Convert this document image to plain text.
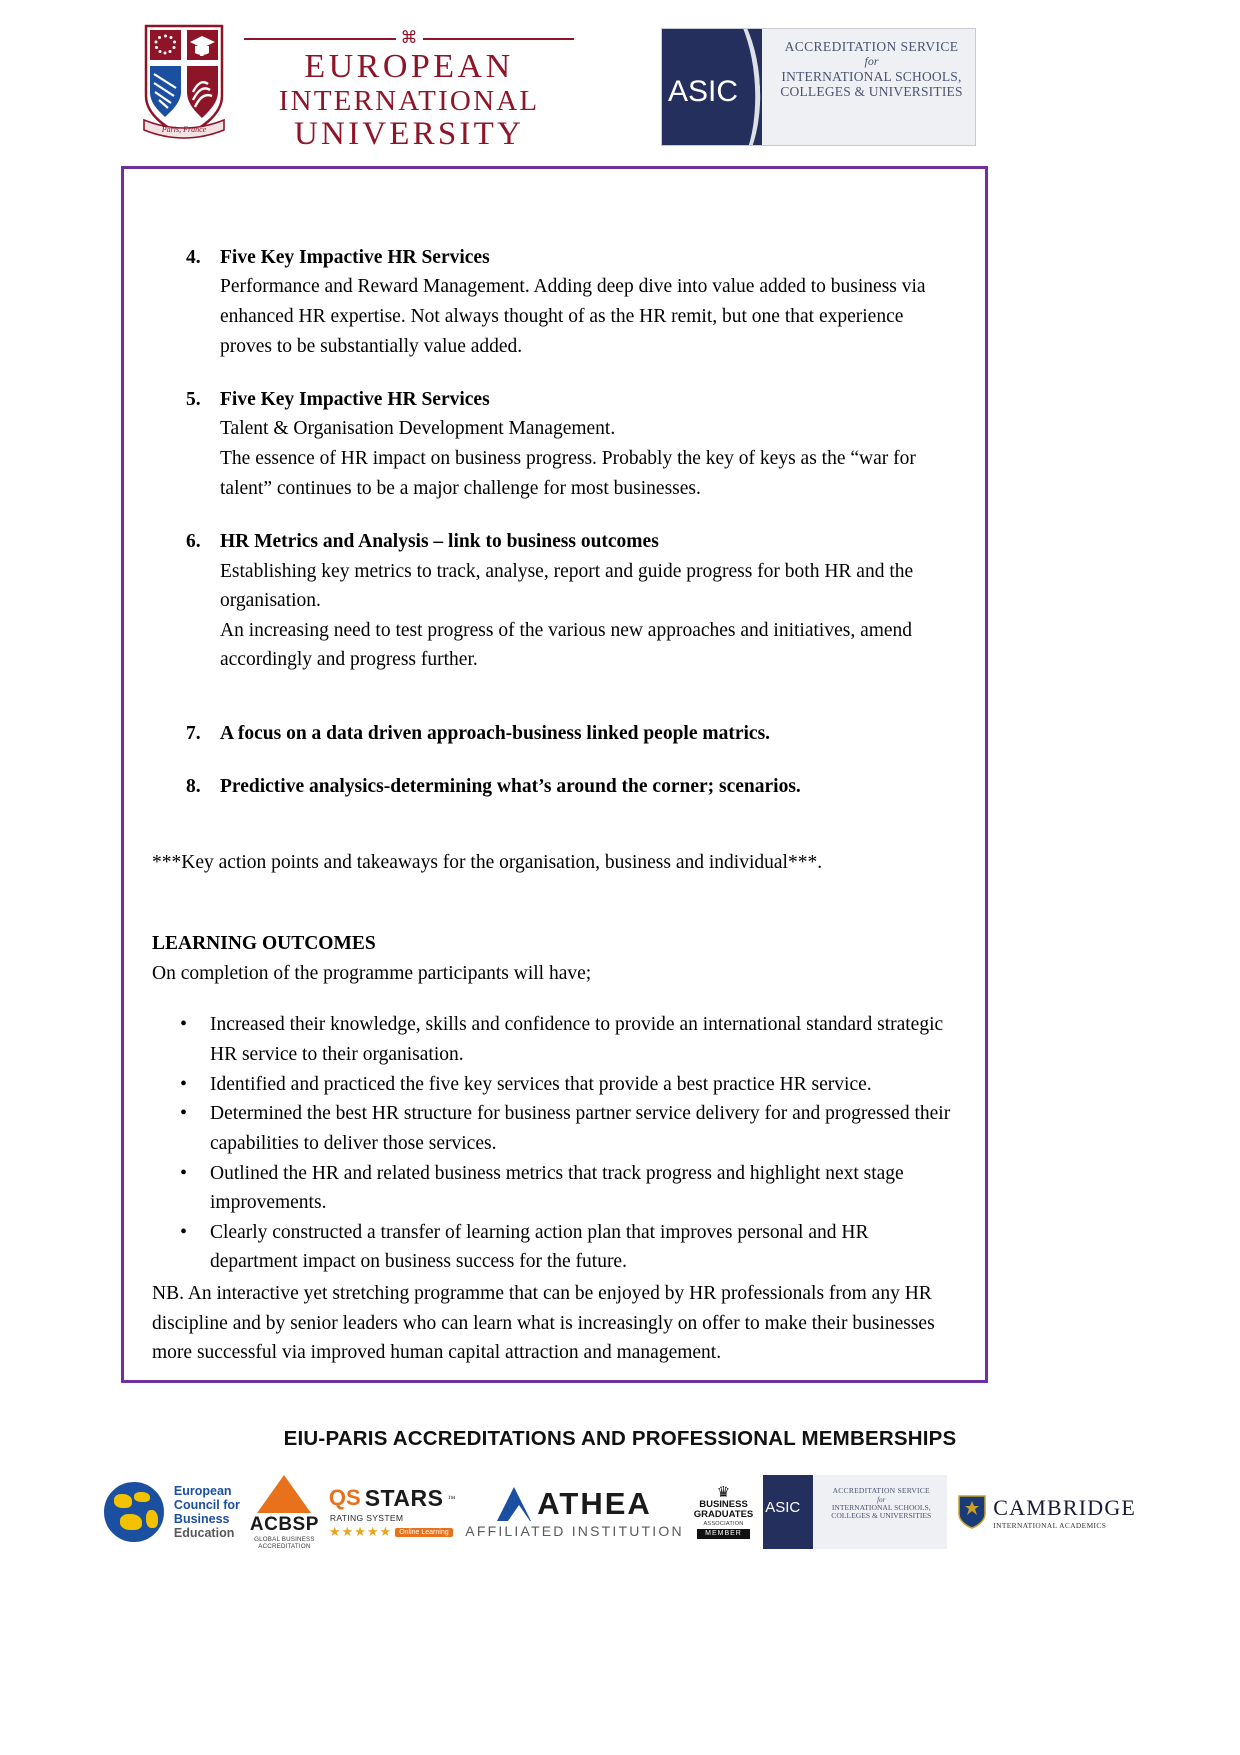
Paris, France
⌘
EUROPEAN
INTERNATIONAL
UNIVERSITY
ASIC
ACCREDITATION SERVICE
for
INTERNATIONAL SCHOOLS,
COLLEGES & UNIVERSITIES
4. Five Key Impactive HR Services

Performance and Reward Management. Adding deep dive into value added to business via enhanced HR expertise. Not always thought of as the HR remit, but one that experience proves to be substantially value added.

5. Five Key Impactive HR Services

Talent & Organisation Development Management.

The essence of HR impact on business progress. Probably the key of keys as the “war for talent” continues to be a major challenge for most businesses.

6. HR Metrics and Analysis – link to business outcomes

Establishing key metrics to track, analyse, report and guide progress for both HR and the organisation.

An increasing need to test progress of the various new approaches and initiatives, amend accordingly and progress further.

7. A focus on a data driven approach-business linked people matrics.
8. Predictive analysics-determining what’s around the corner; scenarios.
***Key action points and takeaways for the organisation, business and individual***.
LEARNING OUTCOMES
On completion of the programme participants will have;
• Increased their knowledge, skills and confidence to provide an international standard strategic HR service to their organisation.
• Identified and practiced the five key services that provide a best practice HR service.
• Determined the best HR structure for business partner service delivery for and progressed their capabilities to deliver those services.
• Outlined the HR and related business metrics that track progress and highlight next stage improvements.
• Clearly constructed a transfer of learning action plan that improves personal and HR department impact on business success for the future.
NB. An interactive yet stretching programme that can be enjoyed by HR professionals from any HR discipline and by senior leaders who can learn what is increasingly on offer to make their businesses more successful via improved human capital attraction and management.
EIU-PARIS ACCREDITATIONS AND PROFESSIONAL MEMBERSHIPS
European
Council for
Business
Education ACBSP
GLOBAL BUSINESS
ACCREDITATION
QS STARS ™
RATING SYSTEM
★★★★★	Online Learning
ATHEA
AFFILIATED INSTITUTION
♛
BUSINESS
GRADUATES
ASSOCIATION
MEMBER
ASIC
ACCREDITATION SERVICE
for
INTERNATIONAL SCHOOLS,
COLLEGES & UNIVERSITIES	CAMBRIDGE
INTERNATIONAL ACADEMICS
